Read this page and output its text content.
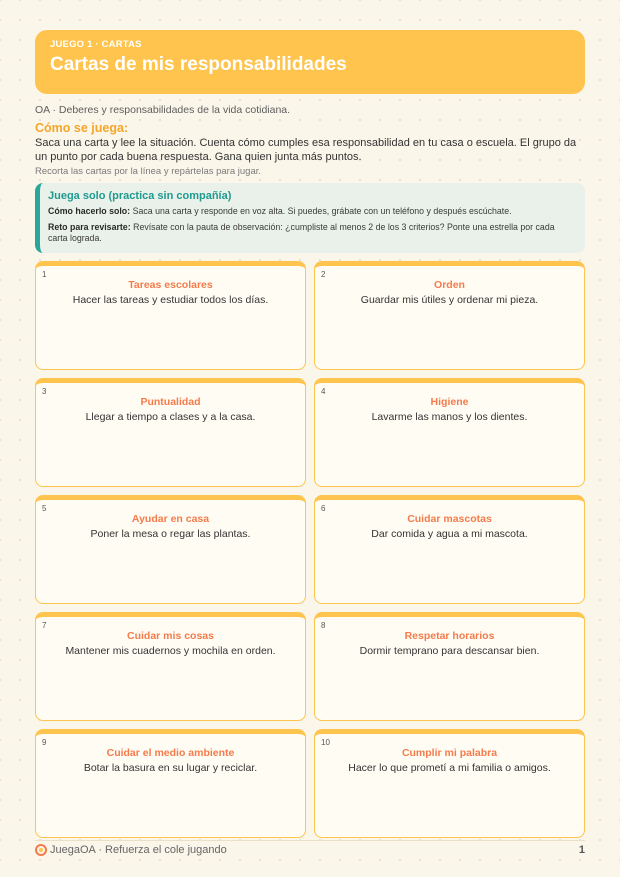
JUEGO 1 · CARTAS
Cartas de mis responsabilidades
OA · Deberes y responsabilidades de la vida cotidiana.
Cómo se juega:
Saca una carta y lee la situación. Cuenta cómo cumples esa responsabilidad en tu casa o escuela. El grupo da un punto por cada buena respuesta. Gana quien junta más puntos.
Recorta las cartas por la línea y repártelas para jugar.
Juega solo (practica sin compañía)
Cómo hacerlo solo: Saca una carta y responde en voz alta. Si puedes, grábate con un teléfono y después escúchate.
Reto para revisarte: Revísate con la pauta de observación: ¿cumpliste al menos 2 de los 3 criterios? Ponte una estrella por cada carta lograda.
1
Tareas escolares
Hacer las tareas y estudiar todos los días.
2
Orden
Guardar mis útiles y ordenar mi pieza.
3
Puntualidad
Llegar a tiempo a clases y a la casa.
4
Higiene
Lavarme las manos y los dientes.
5
Ayudar en casa
Poner la mesa o regar las plantas.
6
Cuidar mascotas
Dar comida y agua a mi mascota.
7
Cuidar mis cosas
Mantener mis cuadernos y mochila en orden.
8
Respetar horarios
Dormir temprano para descansar bien.
9
Cuidar el medio ambiente
Botar la basura en su lugar y reciclar.
10
Cumplir mi palabra
Hacer lo que prometí a mi familia o amigos.
JuegaOA · Refuerza el cole jugando	1
